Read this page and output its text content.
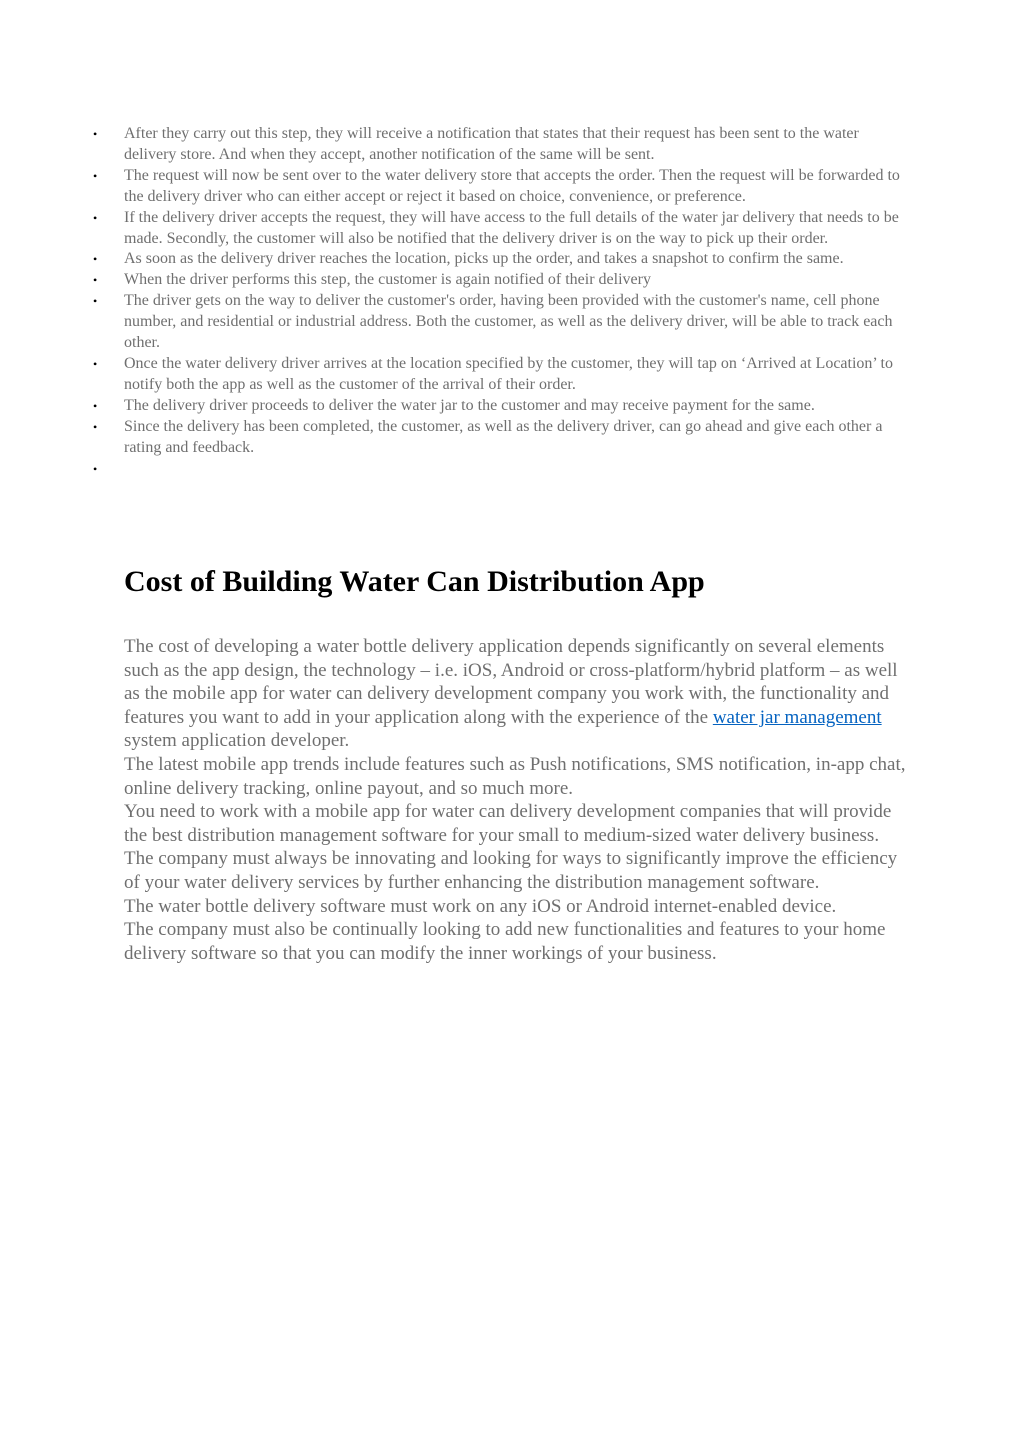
•	After they carry out this step, they will receive a notification that states that their request has been sent to the water delivery store. And when they accept, another notification of the same will be sent.
•	The request will now be sent over to the water delivery store that accepts the order. Then the request will be forwarded to the delivery driver who can either accept or reject it based on choice, convenience, or preference.
•	If the delivery driver accepts the request, they will have access to the full details of the water jar delivery that needs to be made. Secondly, the customer will also be notified that the delivery driver is on the way to pick up their order.
•	As soon as the delivery driver reaches the location, picks up the order, and takes a snapshot to confirm the same.
•	When the driver performs this step, the customer is again notified of their delivery
•	The driver gets on the way to deliver the customer's order, having been provided with the customer's name, cell phone number, and residential or industrial address. Both the customer, as well as the delivery driver, will be able to track each other.
•	Once the water delivery driver arrives at the location specified by the customer, they will tap on ‘Arrived at Location’ to notify both the app as well as the customer of the arrival of their order.
•	The delivery driver proceeds to deliver the water jar to the customer and may receive payment for the same.
•	Since the delivery has been completed, the customer, as well as the delivery driver, can go ahead and give each other a rating and feedback.
•
Cost of Building Water Can Distribution App

The cost of developing a water bottle delivery application depends significantly on several elements such as the app design, the technology – i.e. iOS, Android or cross-platform/hybrid platform – as well as the mobile app for water can delivery development company you work with, the functionality and features you want to add in your application along with the experience of the water jar management system application developer.

The latest mobile app trends include features such as Push notifications, SMS notification, in-app chat, online delivery tracking, online payout, and so much more.

You need to work with a mobile app for water can delivery development companies that will provide the best distribution management software for your small to medium-sized water delivery business.

The company must always be innovating and looking for ways to significantly improve the efficiency of your water delivery services by further enhancing the distribution management software.

The water bottle delivery software must work on any iOS or Android internet-enabled device.

The company must also be continually looking to add new functionalities and features to your home delivery software so that you can modify the inner workings of your business.
